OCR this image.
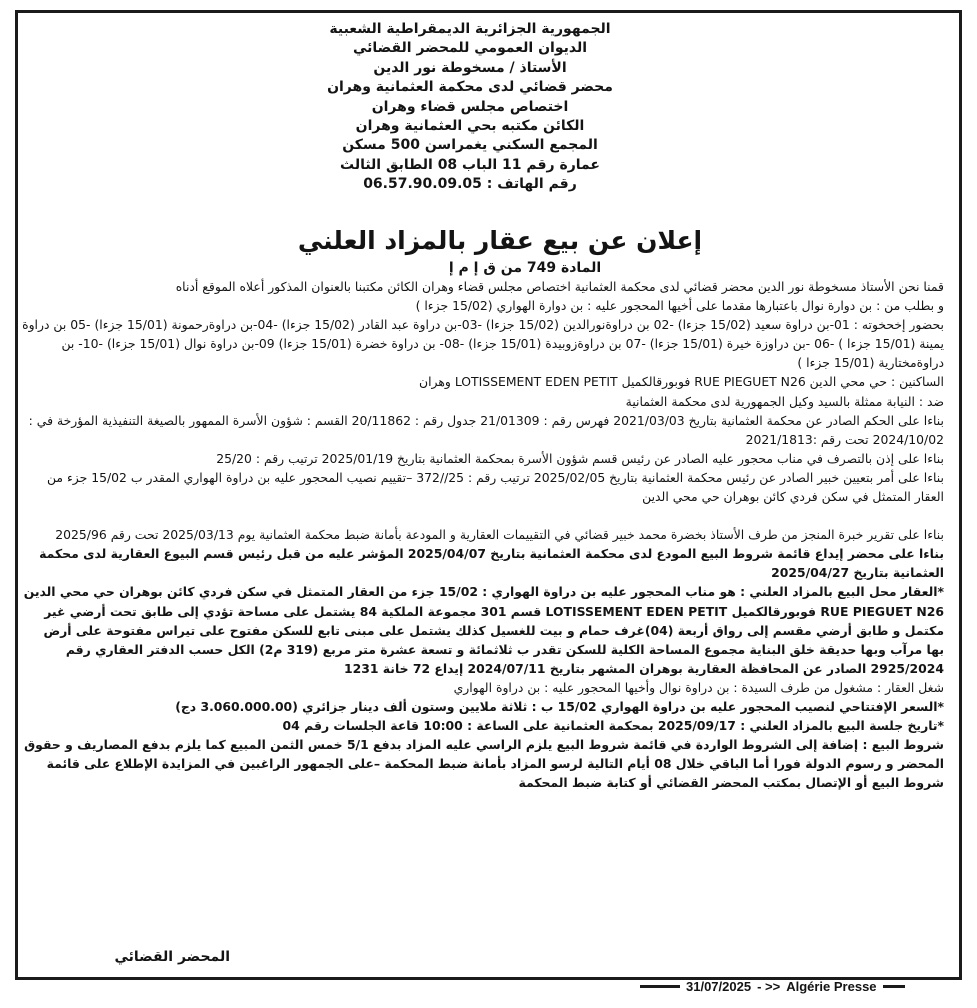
الجمهورية الجزائرية الديمقراطية الشعبية
الديوان العمومي للمحضر القضائي
الأستاذ / مسخوطة نور الدين
محضر قضائي لدى محكمة العثمانية وهران
اختصاص مجلس قضاء وهران
الكائن مكتبه بحي العثمانية وهران
المجمع السكني يغمراسن 500 مسكن
عمارة رقم 11 الباب 08 الطابق الثالث
رقم الهاتف : 06.57.90.09.05
إعلان عن بيع عقار بالمزاد العلني
المادة 749 من ق إ م إ

قمنا نحن الأستاذ مسخوطة نور الدين محضر قضائي لدى محكمة العثمانية اختصاص مجلس قضاء وهران الكائن مكتبنا بالعنوان المذكور أعلاه الموقع أدناه

و بطلب من : بن دوارة نوال باعتبارها مقدما على أخيها المحجور عليه : بن دوارة الهواري (15/02 جزءا )

بحضور إخحخوته : 01-بن دراوة سعيد (15/02 جزءا) -02 بن دراوةنورالدين (15/02 جزءا) -03-بن دراوة عبد القادر (15/02 جزءا) -04-بن دراوةرحمونة (15/01 جزءا) -05 بن دراوة يمينة (15/01 جزءا ) -06 -بن دراوزة خيرة (15/01 جزءا) -07 بن دراوةزوبيدة (15/01 جزءا) -08- بن دراوة خضرة (15/01 جزءا) 09-بن دراوة نوال (15/01 جزءا) -10- بن دراوةمختارية (15/01 جزءا )

الساكنين : حي محي الدين RUE PIEGUET N26 فوبورقالكميل LOTISSEMENT EDEN PETIT وهران

ضد : النيابة ممثلة بالسيد وكيل الجمهورية لدى محكمة العثمانية

بناءا على الحكم الصادر عن محكمة العثمانية بتاريخ 2021/03/03 فهرس رقم : 21/01309 جدول رقم : 20/11862 القسم : شؤون الأسرة الممهور بالصيغة التنفيذية المؤرخة في : 2024/10/02 تحت رقم :2021/1813

بناءا على إذن بالتصرف في مناب محجور عليه الصادر عن رئيس قسم شؤون الأسرة بمحكمة العثمانية بتاريخ 2025/01/19 ترتيب رقم : 25/20

بناءا على أمر بتعيين خبير الصادر عن رئيس محكمة العثمانية بتاريخ 2025/02/05 ترتيب رقم : 25//372 –تقييم نصيب المحجور عليه بن دراوة الهواري المقدر ب 15/02 جزء من العقار المتمثل في سكن فردي كائن بوهران حي محي الدين

بناءا على تقرير خبرة المنجز من طرف الأستاذ بخضرة محمد خبير قضائي في التقييمات العقارية و المودعة بأمانة ضبط محكمة العثمانية يوم 2025/03/13 تحت رقم 2025/96

بناءا على محضر إيداع قائمة شروط البيع المودع لدى محكمة العثمانية بتاريخ 2025/04/07 المؤشر عليه من قبل رئيس قسم البيوع العقارية لدى محكمة العثمانية بتاريخ 2025/04/27

*العقار محل البيع بالمزاد العلني : هو مناب المحجور عليه بن دراوة الهواري : 15/02 جزء من العقار المتمثل في سكن فردي كائن بوهران حي محي الدين RUE PIEGUET N26 فوبورقالكميل LOTISSEMENT EDEN PETIT قسم 301 مجموعة الملكية 84 يشتمل على مساحة تؤدي إلى طابق تحت أرضي غير مكتمل و طابق أرضي مقسم إلى رواق أربعة (04)غرف حمام و بيت للغسيل كذلك يشتمل على مبنى تابع للسكن مفتوح على تيراس مفتوحة على أرض بها مرآب وبها حديقة خلق البناية مجموع المساحة الكلية للسكن تقدر ب ثلاثمائة و تسعة عشرة متر مربع (319 م2) الكل حسب الدفتر العقاري رقم 2925/2024 الصادر عن المحافظة العقارية بوهران المشهر بتاريخ 2024/07/11 إيداع 72 خانة 1231

شغل العقار : مشغول من طرف السيدة : بن دراوة نوال وأخيها المحجور عليه : بن دراوة الهواري

*السعر الإفتتاحي لنصيب المحجور عليه بن دراوة الهواري 15/02 ب : ثلاثة ملايين وستون ألف دينار جزائري (3.060.000.00 دج)

*تاريخ جلسة البيع بالمزاد العلني : 2025/09/17 بمحكمة العثمانية على الساعة : 10:00 قاعة الجلسات رقم 04

شروط البيع : إضافة إلى الشروط الواردة في قائمة شروط البيع يلزم الراسي عليه المزاد بدفع 5/1 خمس الثمن المبيع كما يلزم بدفع المصاريف و حقوق المحضر و رسوم الدولة فورا أما الباقي خلال 08 أيام التالية لرسو المزاد بأمانة ضبط المحكمة –على الجمهور الراغبين في المزايدة الإطلاع على قائمة شروط البيع أو الإتصال بمكتب المحضر القضائي أو كتابة ضبط المحكمة

المحضر القضائي
31/07/2025 - >> Algérie Presse
